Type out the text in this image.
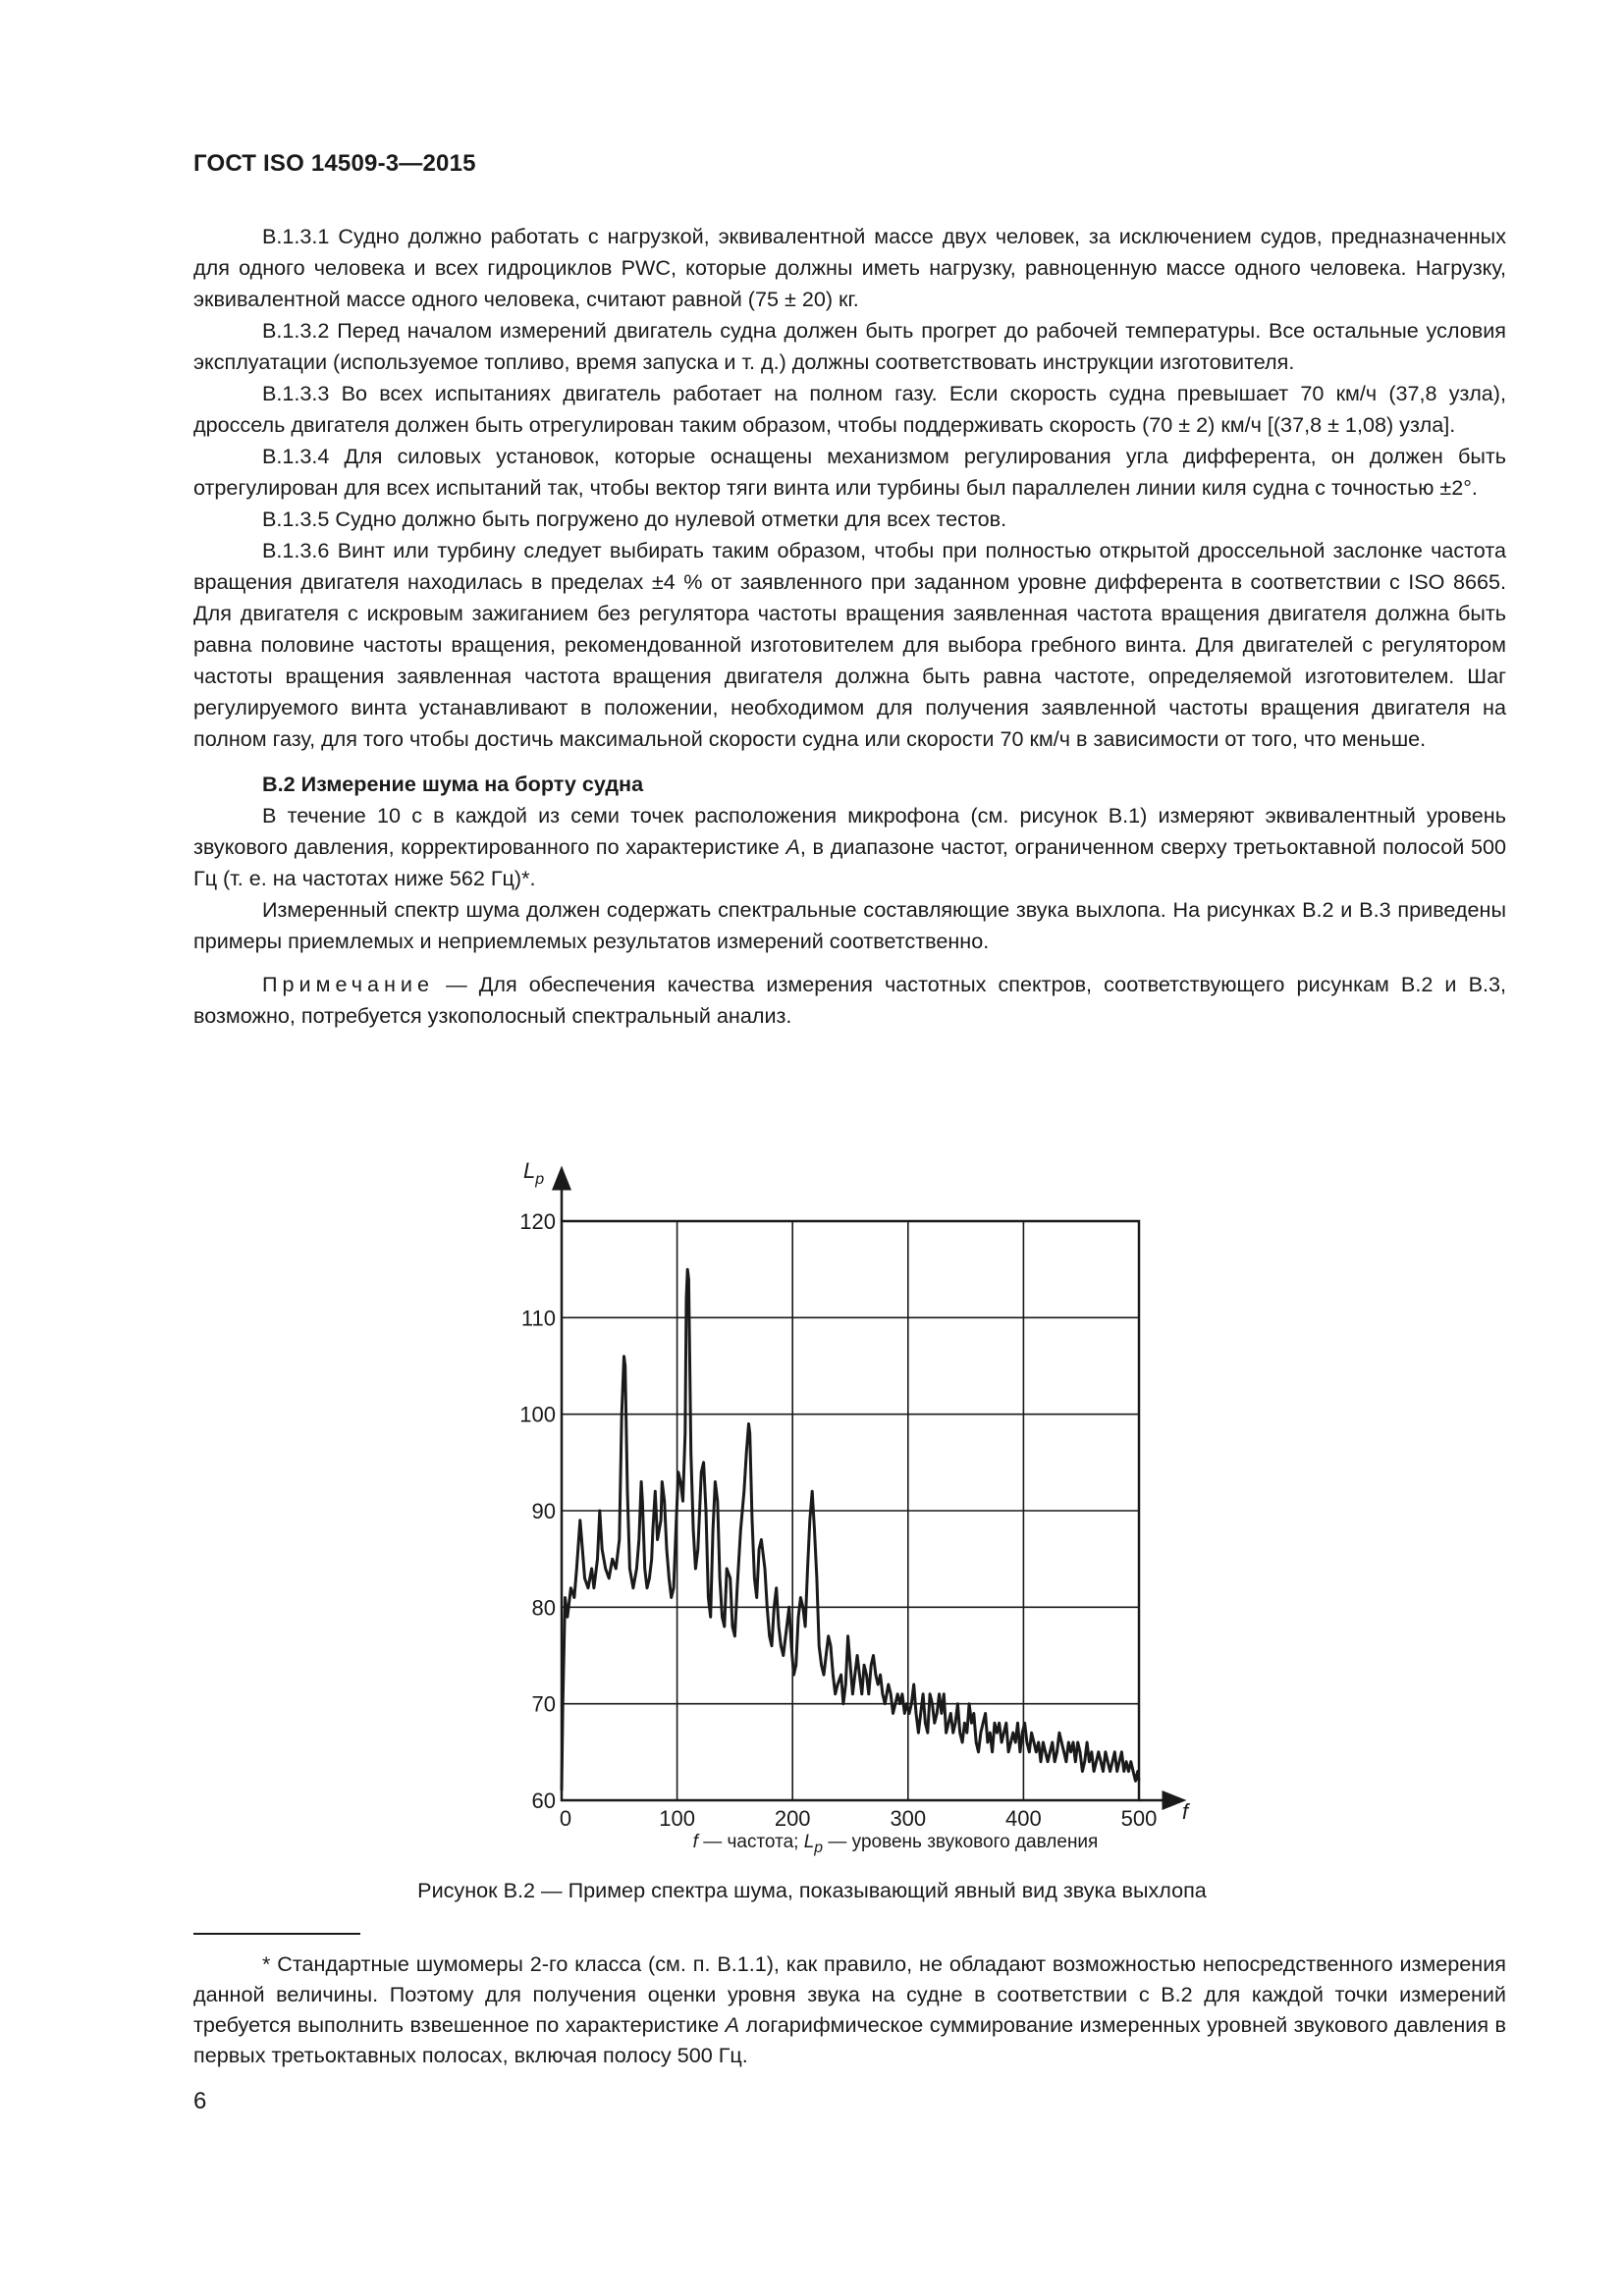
ГОСТ ISO 14509-3—2015

В.1.3.1 Судно должно работать с нагрузкой, эквивалентной массе двух человек, за исключением судов, предназначенных для одного человека и всех гидроциклов PWC, которые должны иметь нагрузку, равноценную массе одного человека. Нагрузку, эквивалентной массе одного человека, считают равной (75 ± 20) кг.

В.1.3.2 Перед началом измерений двигатель судна должен быть прогрет до рабочей температуры. Все остальные условия эксплуатации (используемое топливо, время запуска и т. д.) должны соответствовать инструкции изготовителя.

В.1.3.3 Во всех испытаниях двигатель работает на полном газу. Если скорость судна превышает 70 км/ч (37,8 узла), дроссель двигателя должен быть отрегулирован таким образом, чтобы поддерживать скорость (70 ± 2) км/ч [(37,8 ± 1,08) узла].

В.1.3.4 Для силовых установок, которые оснащены механизмом регулирования угла дифферента, он должен быть отрегулирован для всех испытаний так, чтобы вектор тяги винта или турбины был параллелен линии киля судна с точностью ±2°.

В.1.3.5 Судно должно быть погружено до нулевой отметки для всех тестов.

В.1.3.6 Винт или турбину следует выбирать таким образом, чтобы при полностью открытой дроссельной заслонке частота вращения двигателя находилась в пределах ±4 % от заявленного при заданном уровне дифферента в соответствии с ISO 8665. Для двигателя с искровым зажиганием без регулятора частоты вращения заявленная частота вращения двигателя должна быть равна половине частоты вращения, рекомендованной изготовителем для выбора гребного винта. Для двигателей с регулятором частоты вращения заявленная частота вращения двигателя должна быть равна частоте, определяемой изготовителем. Шаг регулируемого винта устанавливают в положении, необходимом для получения заявленной частоты вращения двигателя на полном газу, для того чтобы достичь максимальной скорости судна или скорости 70 км/ч в зависимости от того, что меньше.

В.2 Измерение шума на борту судна

В течение 10 с в каждой из семи точек расположения микрофона (см. рисунок В.1) измеряют эквивалентный уровень звукового давления, корректированного по характеристике A, в диапазоне частот, ограниченном сверху третьоктавной полосой 500 Гц (т. е. на частотах ниже 562 Гц)*.

Измеренный спектр шума должен содержать спектральные составляющие звука выхлопа. На рисунках В.2 и В.3 приведены примеры приемлемых и неприемлемых результатов измерений соответственно.

Примечание — Для обеспечения качества измерения частотных спектров, соответствующего рисункам В.2 и В.3, возможно, потребуется узкополосный спектральный анализ.

60
70
80
90
100
110
120
0	100	200	300	400	500
$L_p$
f
f — частота; $L_p$ — уровень звукового давления
Рисунок В.2 — Пример спектра шума, показывающий явный вид звука выхлопа

* Стандартные шумомеры 2-го класса (см. п. В.1.1), как правило, не обладают возможностью непосредственного измерения данной величины. Поэтому для получения оценки уровня звука на судне в соответствии с В.2 для каждой точки измерений требуется выполнить взвешенное по характеристике A логарифмическое суммирование измеренных уровней звукового давления в первых третьоктавных полосах, включая полосу 500 Гц.

6
